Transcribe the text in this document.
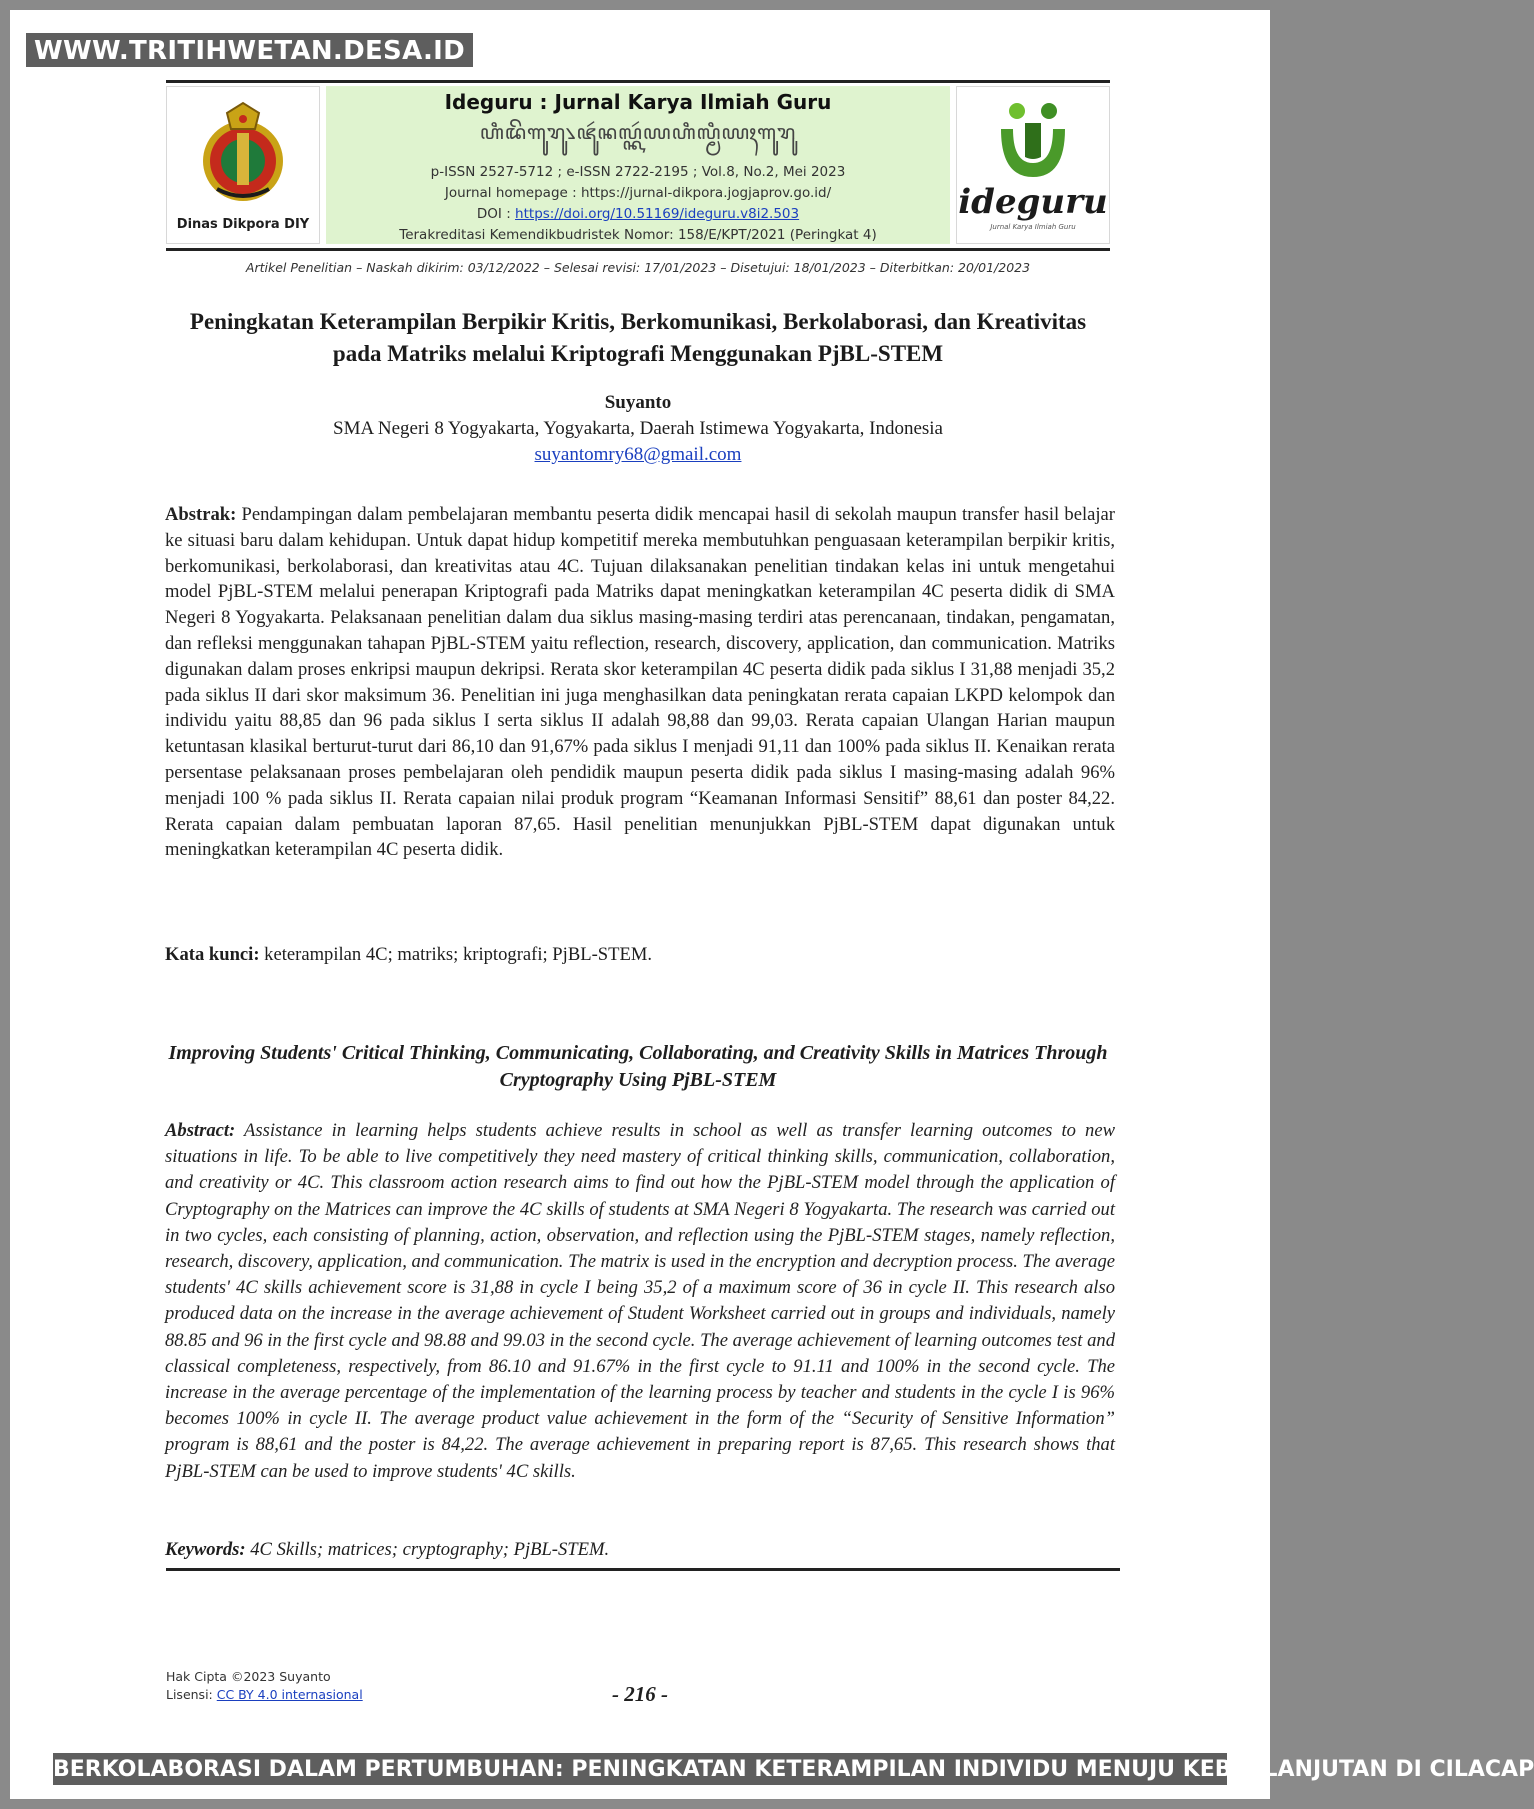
WWW.TRITIHWETAN.DESA.ID
Dinas Dikpora DIY
Ideguru : Jurnal Karya Ilmiah Guru
ꦲꦶꦢꦼꦒꦸꦫꦸ꧈ꦗꦸꦂꦤꦭ꧀ꦏꦂꦪꦲꦶꦭ꧀ꦩꦶꦪꦃꦒꦸꦫꦸ
p-ISSN 2527-5712 ; e-ISSN 2722-2195 ; Vol.8, No.2, Mei 2023
Journal homepage : https://jurnal-dikpora.jogjaprov.go.id/
DOI : https://doi.org/10.51169/ideguru.v8i2.503
Terakreditasi Kemendikbudristek Nomor: 158/E/KPT/2021 (Peringkat 4)
ideguru
Jurnal Karya Ilmiah Guru
Artikel Penelitian – Naskah dikirim: 03/12/2022 – Selesai revisi: 17/01/2023 – Disetujui: 18/01/2023 – Diterbitkan: 20/01/2023
Peningkatan Keterampilan Berpikir Kritis, Berkomunikasi, Berkolaborasi, dan Kreativitas pada Matriks melalui Kriptografi Menggunakan PjBL-STEM
Suyanto
SMA Negeri 8 Yogyakarta, Yogyakarta, Daerah Istimewa Yogyakarta, Indonesia
suyantomry68@gmail.com
Abstrak: Pendampingan dalam pembelajaran membantu peserta didik mencapai hasil di sekolah maupun transfer hasil belajar ke situasi baru dalam kehidupan. Untuk dapat hidup kompetitif mereka membutuhkan penguasaan keterampilan berpikir kritis, berkomunikasi, berkolaborasi, dan kreativitas atau 4C. Tujuan dilaksanakan penelitian tindakan kelas ini untuk mengetahui model PjBL-STEM melalui penerapan Kriptografi pada Matriks dapat meningkatkan keterampilan 4C peserta didik di SMA Negeri 8 Yogyakarta. Pelaksanaan penelitian dalam dua siklus masing-masing terdiri atas perencanaan, tindakan, pengamatan, dan refleksi menggunakan tahapan PjBL-STEM yaitu reflection, research, discovery, application, dan communication. Matriks digunakan dalam proses enkripsi maupun dekripsi. Rerata skor keterampilan 4C peserta didik pada siklus I 31,88 menjadi 35,2 pada siklus II dari skor maksimum 36. Penelitian ini juga menghasilkan data peningkatan rerata capaian LKPD kelompok dan individu yaitu 88,85 dan 96 pada siklus I serta siklus II adalah 98,88 dan 99,03. Rerata capaian Ulangan Harian maupun ketuntasan klasikal berturut-turut dari 86,10 dan 91,67% pada siklus I menjadi 91,11 dan 100% pada siklus II. Kenaikan rerata persentase pelaksanaan proses pembelajaran oleh pendidik maupun peserta didik pada siklus I masing-masing adalah 96% menjadi 100 % pada siklus II. Rerata capaian nilai produk program “Keamanan Informasi Sensitif” 88,61 dan poster 84,22. Rerata capaian dalam pembuatan laporan 87,65. Hasil penelitian menunjukkan PjBL-STEM dapat digunakan untuk meningkatkan keterampilan 4C peserta didik.
Kata kunci: keterampilan 4C; matriks; kriptografi; PjBL-STEM.
Improving Students' Critical Thinking, Communicating, Collaborating, and Creativity Skills in Matrices Through Cryptography Using PjBL-STEM
Abstract: Assistance in learning helps students achieve results in school as well as transfer learning outcomes to new situations in life. To be able to live competitively they need mastery of critical thinking skills, communication, collaboration, and creativity or 4C. This classroom action research aims to find out how the PjBL-STEM model through the application of Cryptography on the Matrices can improve the 4C skills of students at SMA Negeri 8 Yogyakarta. The research was carried out in two cycles, each consisting of planning, action, observation, and reflection using the PjBL-STEM stages, namely reflection, research, discovery, application, and communication. The matrix is used in the encryption and decryption process. The average students' 4C skills achievement score is 31,88 in cycle I being 35,2 of a maximum score of 36 in cycle II. This research also produced data on the increase in the average achievement of Student Worksheet carried out in groups and individuals, namely 88.85 and 96 in the first cycle and 98.88 and 99.03 in the second cycle. The average achievement of learning outcomes test and classical completeness, respectively, from 86.10 and 91.67% in the first cycle to 91.11 and 100% in the second cycle. The increase in the average percentage of the implementation of the learning process by teacher and students in the cycle I is 96% becomes 100% in cycle II. The average product value achievement in the form of the “Security of Sensitive Information” program is 88,61 and the poster is 84,22. The average achievement in preparing report is 87,65. This research shows that PjBL-STEM can be used to improve students' 4C skills.
Keywords: 4C Skills; matrices; cryptography; PjBL-STEM.
Hak Cipta ©2023 Suyanto
Lisensi: CC BY 4.0 internasional	- 216 -
BERKOLABORASI DALAM PERTUMBUHAN: PENINGKATAN KETERAMPILAN INDIVIDU MENUJU KEBERLANJUTAN DI CILACAP
